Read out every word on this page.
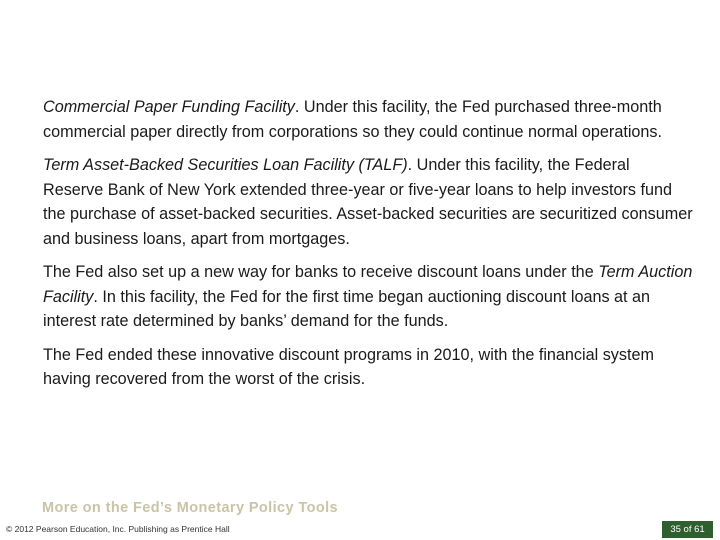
Commercial Paper Funding Facility. Under this facility, the Fed purchased three-month commercial paper directly from corporations so they could continue normal operations.

Term Asset-Backed Securities Loan Facility (TALF). Under this facility, the Federal Reserve Bank of New York extended three-year or five-year loans to help investors fund the purchase of asset-backed securities. Asset-backed securities are securitized consumer and business loans, apart from mortgages.

The Fed also set up a new way for banks to receive discount loans under the Term Auction Facility. In this facility, the Fed for the first time began auctioning discount loans at an interest rate determined by banks’ demand for the funds.

The Fed ended these innovative discount programs in 2010, with the financial system having recovered from the worst of the crisis.

More on the Fed’s Monetary Policy Tools
© 2012 Pearson Education, Inc. Publishing as Prentice Hall	35 of 61
